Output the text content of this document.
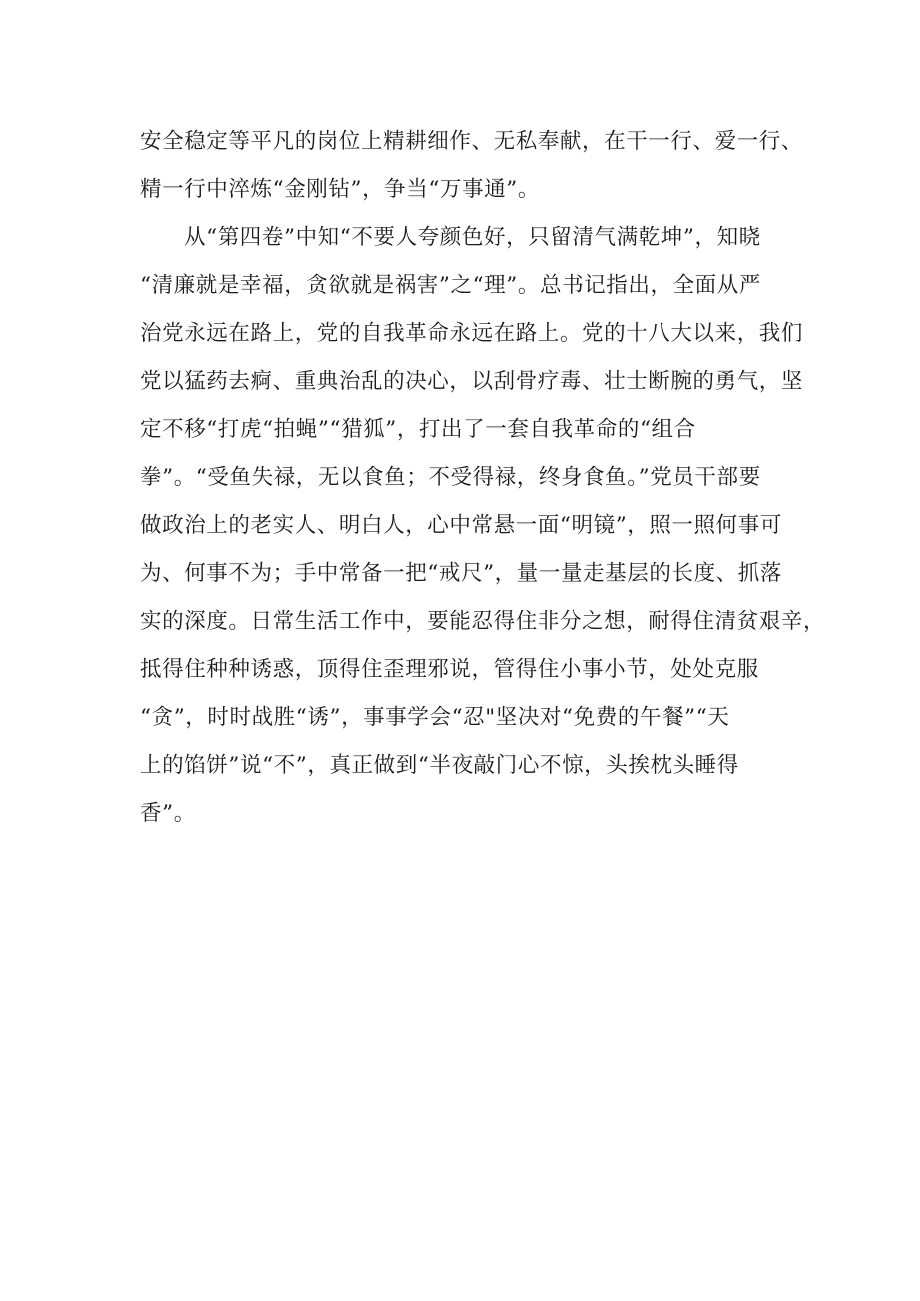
安全稳定等平凡的岗位上精耕细作、无私奉献，在干一行、爱一行、
精一行中淬炼“金刚钻”，争当“万事通”。
从“第四卷”中知“不要人夸颜色好，只留清气满乾坤”，知晓
“清廉就是幸福，贪欲就是祸害”之“理”。总书记指出，全面从严
治党永远在路上，党的自我革命永远在路上。党的十八大以来，我们
党以猛药去痾、重典治乱的决心，以刮骨疗毒、壮士断腕的勇气，坚
定不移“打虎“拍蝇”“猎狐”，打出了一套自我革命的“组合
拳”。“受鱼失禄，无以食鱼；不受得禄，终身食鱼。”党员干部要
做政治上的老实人、明白人，心中常悬一面“明镜”，照一照何事可
为、何事不为；手中常备一把“戒尺”，量一量走基层的长度、抓落
实的深度。日常生活工作中，要能忍得住非分之想，耐得住清贫艰辛，
抵得住种种诱惑，顶得住歪理邪说，管得住小事小节，处处克服
“贪”，时时战胜“诱”，事事学会“忍"坚决对“免费的午餐”“天
上的馅饼”说“不”，真正做到“半夜敲门心不惊，头挨枕头睡得
香”。
